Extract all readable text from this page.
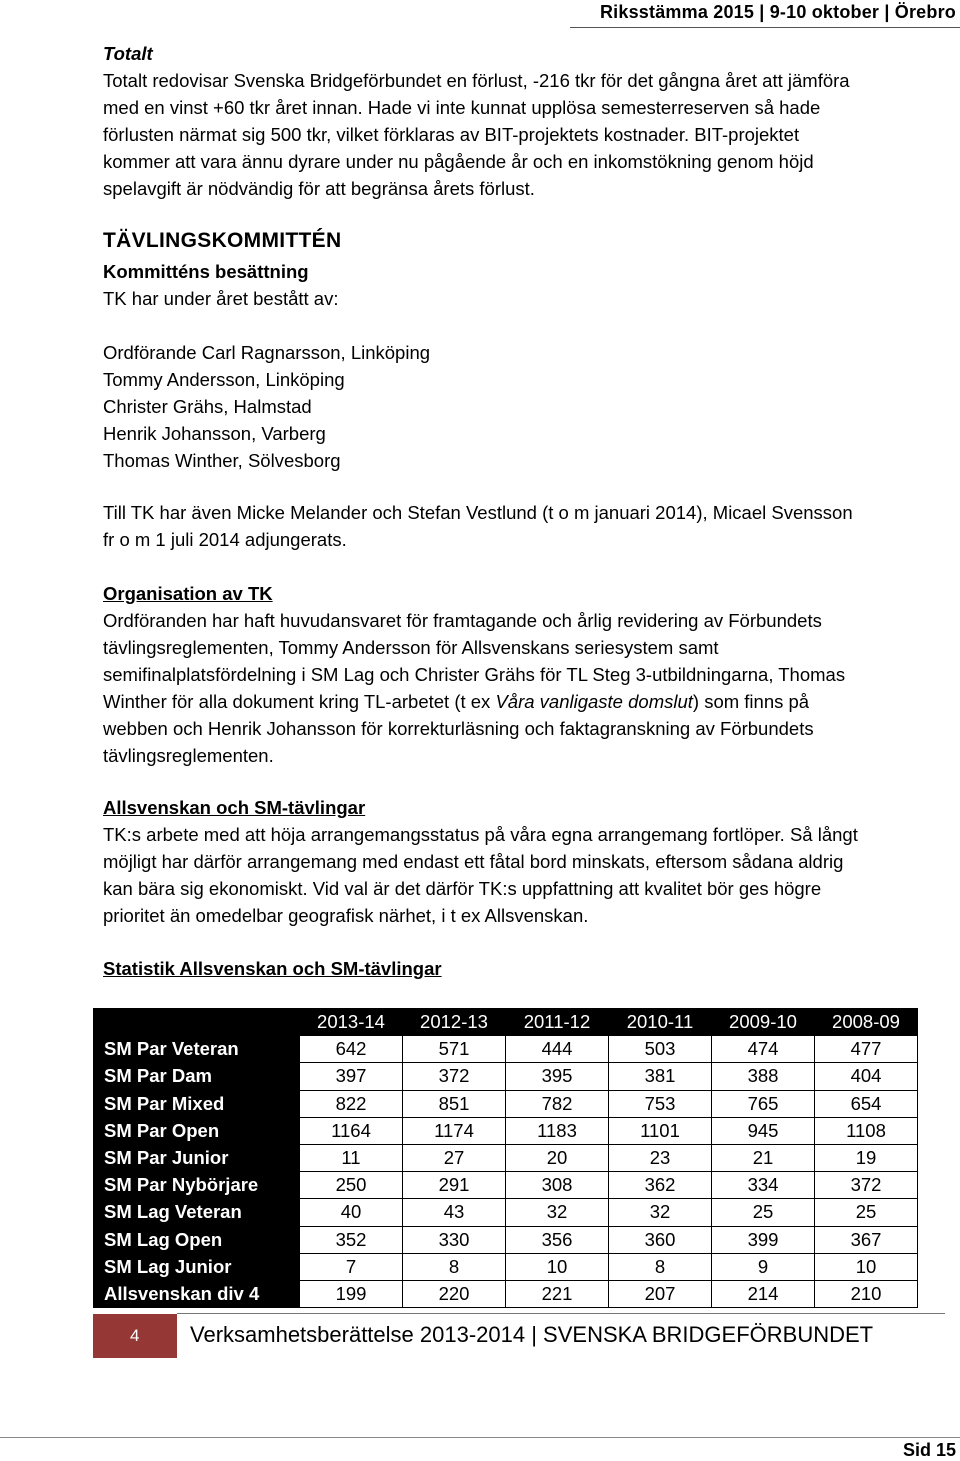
Riksstämma 2015 | 9-10 oktober | Örebro

Totalt

Totalt redovisar Svenska Bridgeförbundet en förlust, -216 tkr för det gångna året att jämföra

med en vinst +60 tkr året innan. Hade vi inte kunnat upplösa semesterreserven så hade

förlusten närmat sig 500 tkr, vilket förklaras av BIT-projektets kostnader. BIT-projektet

kommer att vara ännu dyrare under nu pågående år och en inkomstökning genom höjd

spelavgift är nödvändig för att begränsa årets förlust.

TÄVLINGSKOMMITTÉN
Kommitténs besättning
TK har under året bestått av:
Ordförande Carl Ragnarsson, Linköping
Tommy Andersson, Linköping
Christer Grähs, Halmstad
Henrik Johansson, Varberg
Thomas Winther, Sölvesborg
Till TK har även Micke Melander och Stefan Vestlund (t o m januari 2014), Micael Svensson
fr o m 1 juli 2014 adjungerats.
Organisation av TK
Ordföranden har haft huvudansvaret för framtagande och årlig revidering av Förbundets
tävlingsreglementen, Tommy Andersson för Allsvenskans seriesystem samt
semifinalplatsfördelning i SM Lag och Christer Grähs för TL Steg 3-utbildningarna, Thomas
Winther för alla dokument kring TL-arbetet (t ex Våra vanligaste domslut) som finns på
webben och Henrik Johansson för korrekturläsning och faktagranskning av Förbundets
tävlingsreglementen.
Allsvenskan och SM-tävlingar
TK:s arbete med att höja arrangemangsstatus på våra egna arrangemang fortlöper. Så långt
möjligt har därför arrangemang med endast ett fåtal bord minskats, eftersom sådana aldrig
kan bära sig ekonomiskt. Vid val är det därför TK:s uppfattning att kvalitet bör ges högre
prioritet än omedelbar geografisk närhet, i t ex Allsvenskan.
Statistik Allsvenskan och SM-tävlingar
	2013-14	2012-13	2011-12	2010-11	2009-10	2008-09
SM Par Veteran	642	571	444	503	474	477
SM Par Dam	397	372	395	381	388	404
SM Par Mixed	822	851	782	753	765	654
SM Par Open	1164	1174	1183	1101	945	1108
SM Par Junior	11	27	20	23	21	19
SM Par Nybörjare	250	291	308	362	334	372
SM Lag Veteran	40	43	32	32	25	25
SM Lag Open	352	330	356	360	399	367
SM Lag Junior	7	8	10	8	9	10
Allsvenskan div 4	199	220	221	207	214	210
4 Verksamhetsberättelse 2013-2014 | SVENSKA BRIDGEFÖRBUNDET
Sid 15
